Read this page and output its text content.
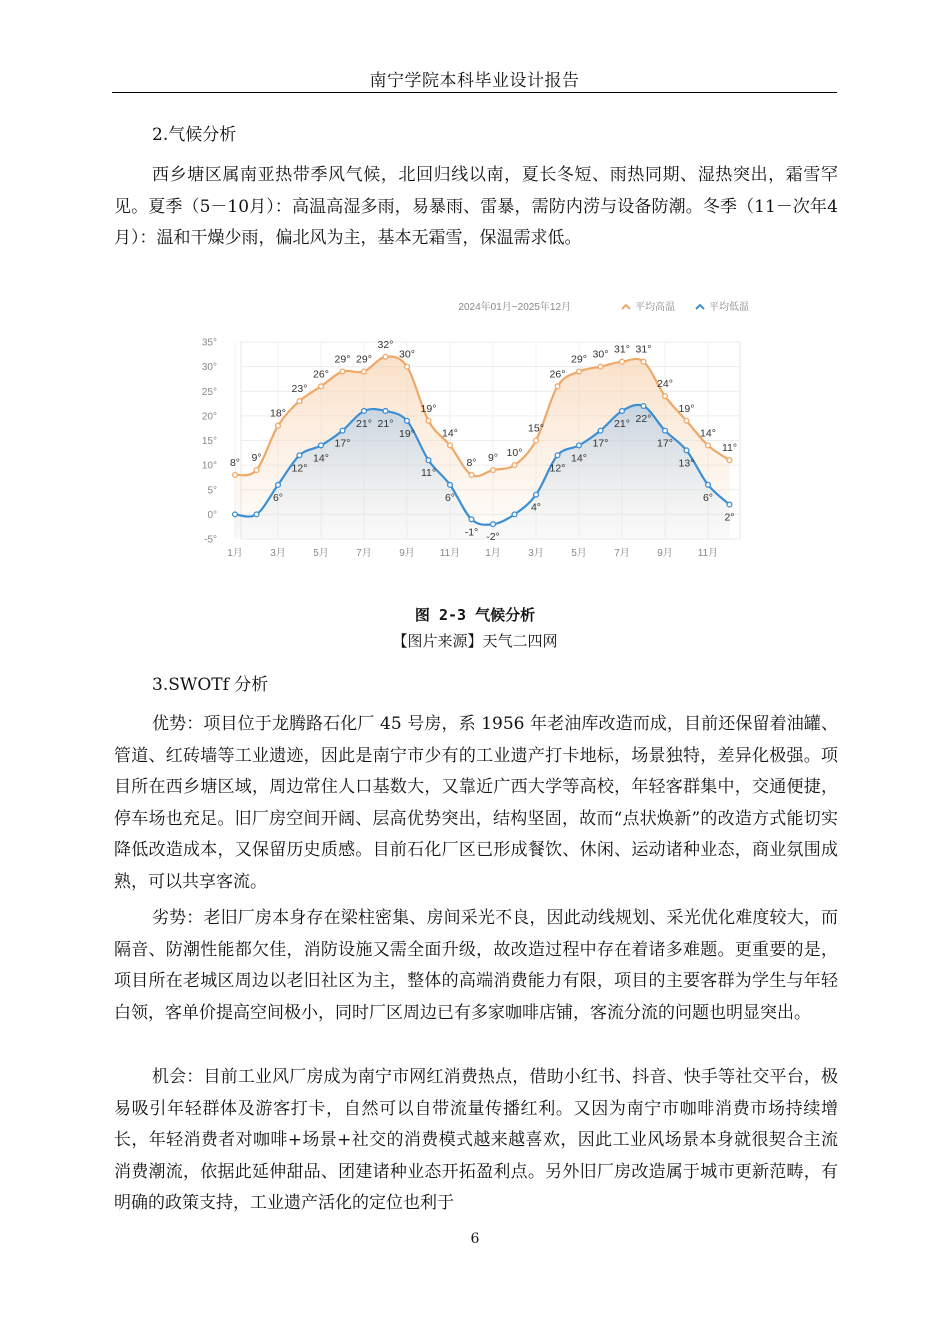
南宁学院本科毕业设计报告
2.气候分析

西乡塘区属南亚热带季风气候，北回归线以南，夏长冬短、雨热同期、湿热突出，霜雪罕见。夏季（5－10月）：高温高湿多雨，易暴雨、雷暴，需防内涝与设备防潮。冬季（11－次年4月）：温和干燥少雨，偏北风为主，基本无霜雪，保温需求低。

2024年01月~2025年12月	平均高温	平均低温
8° 9°
18°
23°
26°
29° 29°
32°
30°
19°
14°
8° 9° 10°
15°
26°
29° 30° 31° 31°
24°
19°
14°
11°
6°
12°
14°
17°
21° 21°
19°
11°
6°
-1° -2°
4°
12°
14°
17°
21° 22°
17°
13°
6°
2°
35°
30°
25°
20°
15°
10°
5°
0°
-5°
1月	3月	5月	7月	9月	11月	1月	3月	5月	7月	9月	11月
图 2-3 气候分析
【图片来源】天气二四网
3.SWOTf 分析

优势：项目位于龙腾路石化厂 45 号房，系 1956 年老油库改造而成，目前还保留着油罐、管道、红砖墙等工业遗迹，因此是南宁市少有的工业遗产打卡地标，场景独特，差异化极强。项目所在西乡塘区域，周边常住人口基数大，又靠近广西大学等高校，年轻客群集中，交通便捷，停车场也充足。旧厂房空间开阔、层高优势突出，结构坚固，故而“点状焕新”的改造方式能切实降低改造成本，又保留历史质感。目前石化厂区已形成餐饮、休闲、运动诸种业态，商业氛围成熟，可以共享客流。

劣势：老旧厂房本身存在梁柱密集、房间采光不良，因此动线规划、采光优化难度较大，而隔音、防潮性能都欠佳，消防设施又需全面升级，故改造过程中存在着诸多难题。更重要的是，项目所在老城区周边以老旧社区为主，整体的高端消费能力有限，项目的主要客群为学生与年轻白领，客单价提高空间极小，同时厂区周边已有多家咖啡店铺，客流分流的问题也明显突出。

机会：目前工业风厂房成为南宁市网红消费热点，借助小红书、抖音、快手等社交平台，极易吸引年轻群体及游客打卡，自然可以自带流量传播红利。又因为南宁市咖啡消费市场持续增长，年轻消费者对咖啡+场景+社交的消费模式越来越喜欢，因此工业风场景本身就很契合主流消费潮流，依据此延伸甜品、团建诸种业态开拓盈利点。另外旧厂房改造属于城市更新范畴，有明确的政策支持，工业遗产活化的定位也利于

6
